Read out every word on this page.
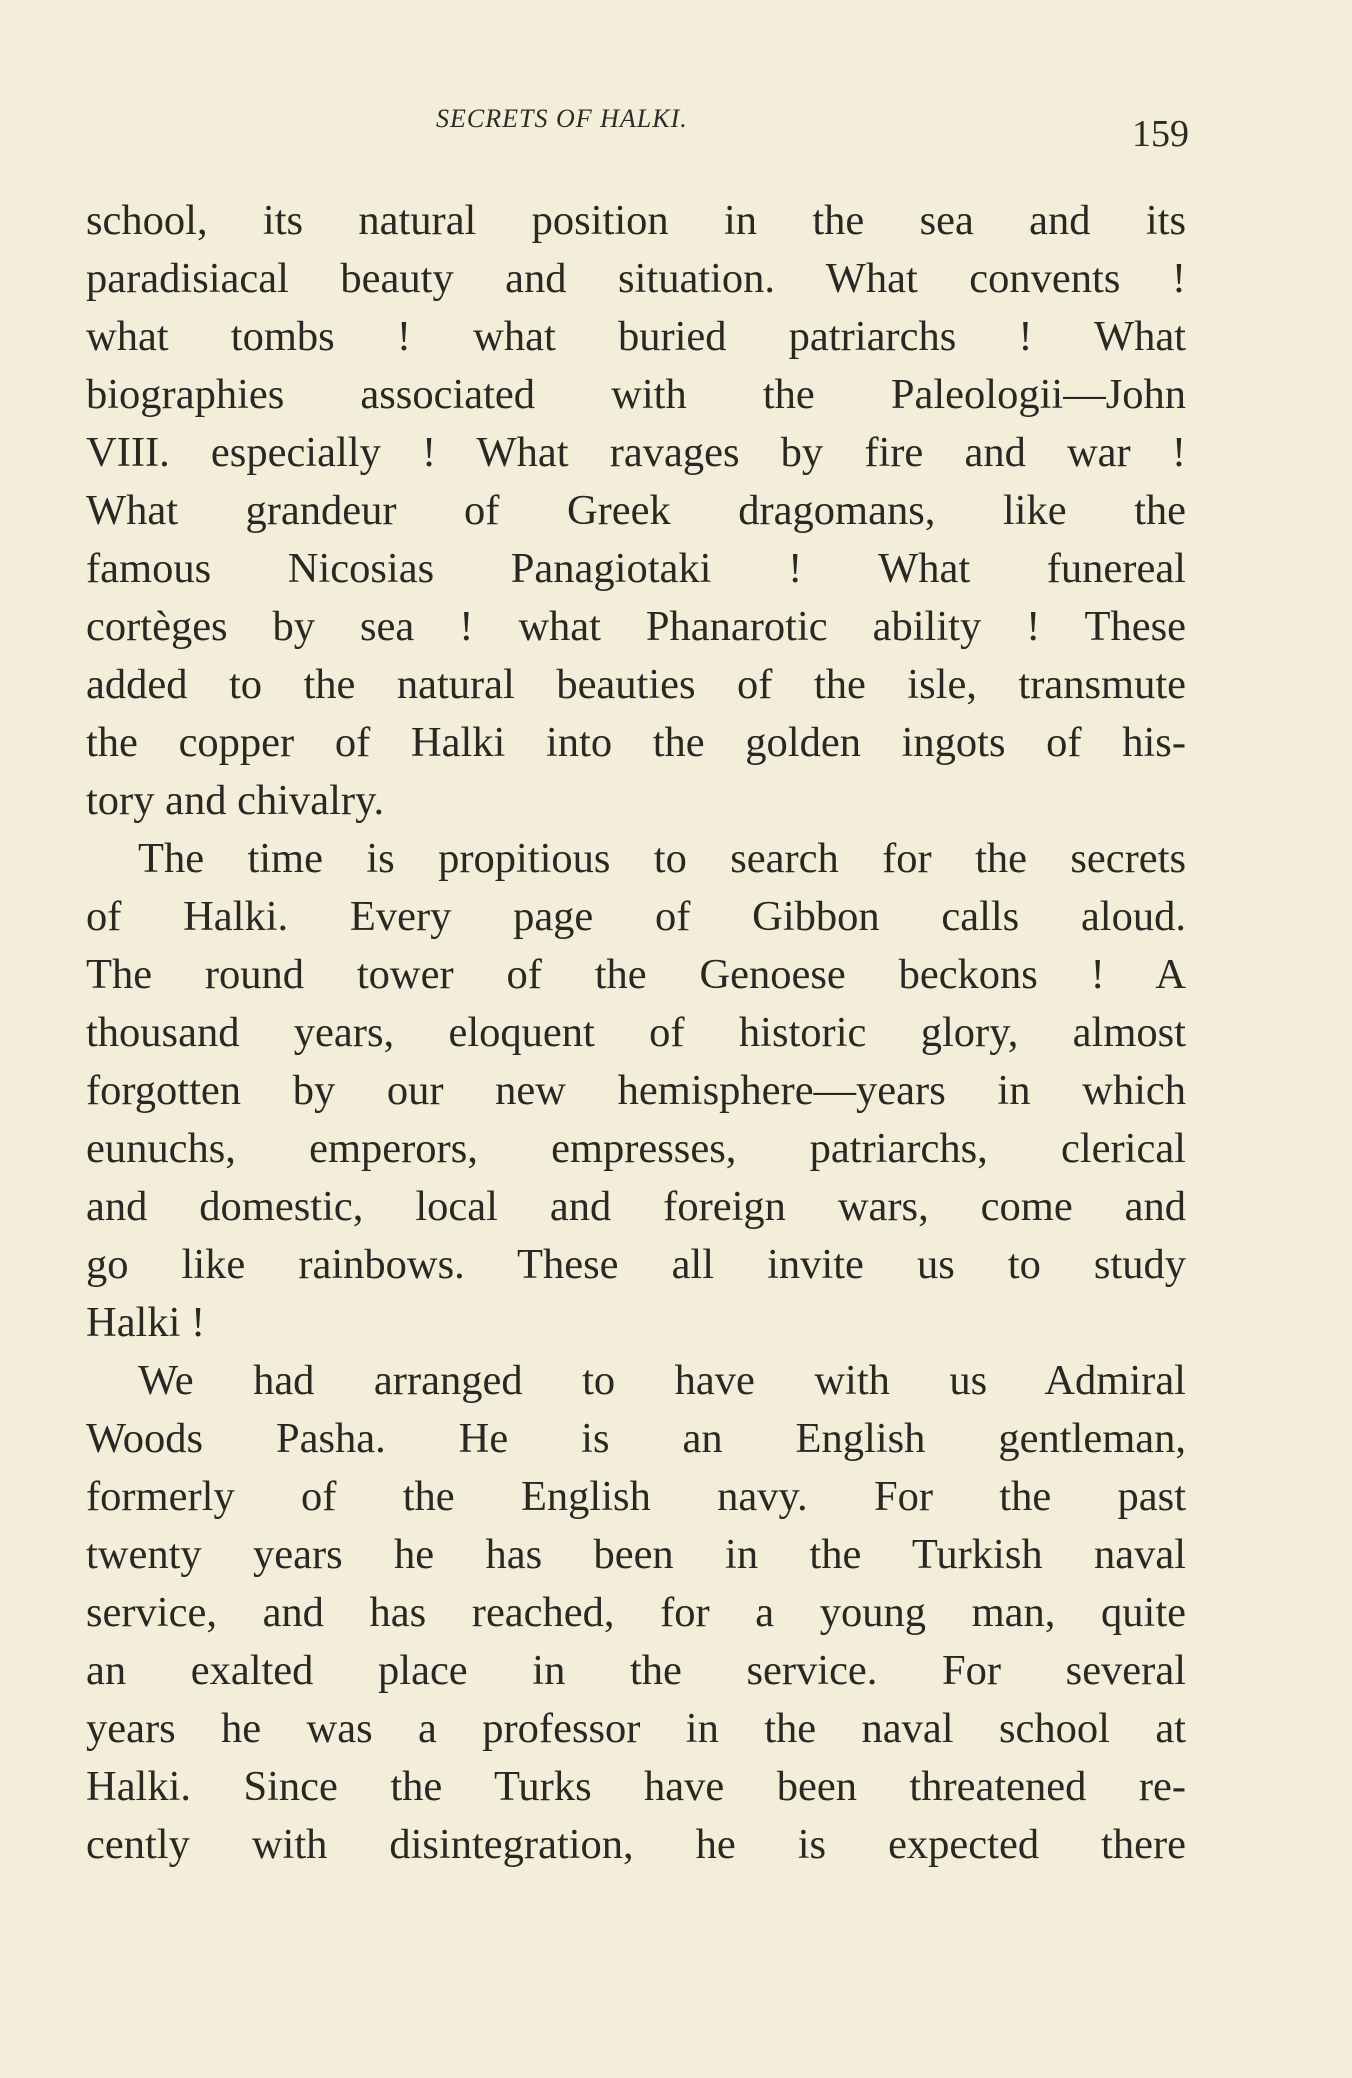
SECRETS OF HALKI.	159
school, its natural position in the sea and its
paradisiacal beauty and situation. What convents !
what tombs ! what buried patriarchs ! What
biographies associated with the Paleologii—John
VIII. especially ! What ravages by fire and war !
What grandeur of Greek dragomans, like the
famous Nicosias Panagiotaki ! What funereal
cortèges by sea ! what Phanarotic ability ! These
added to the natural beauties of the isle, transmute
the copper of Halki into the golden ingots of his-
tory and chivalry.
The time is propitious to search for the secrets
of Halki. Every page of Gibbon calls aloud.
The round tower of the Genoese beckons ! A
thousand years, eloquent of historic glory, almost
forgotten by our new hemisphere—years in which
eunuchs, emperors, empresses, patriarchs, clerical
and domestic, local and foreign wars, come and
go like rainbows. These all invite us to study
Halki !
We had arranged to have with us Admiral
Woods Pasha. He is an English gentleman,
formerly of the English navy. For the past
twenty years he has been in the Turkish naval
service, and has reached, for a young man, quite
an exalted place in the service. For several
years he was a professor in the naval school at
Halki. Since the Turks have been threatened re-
cently with disintegration, he is expected there
